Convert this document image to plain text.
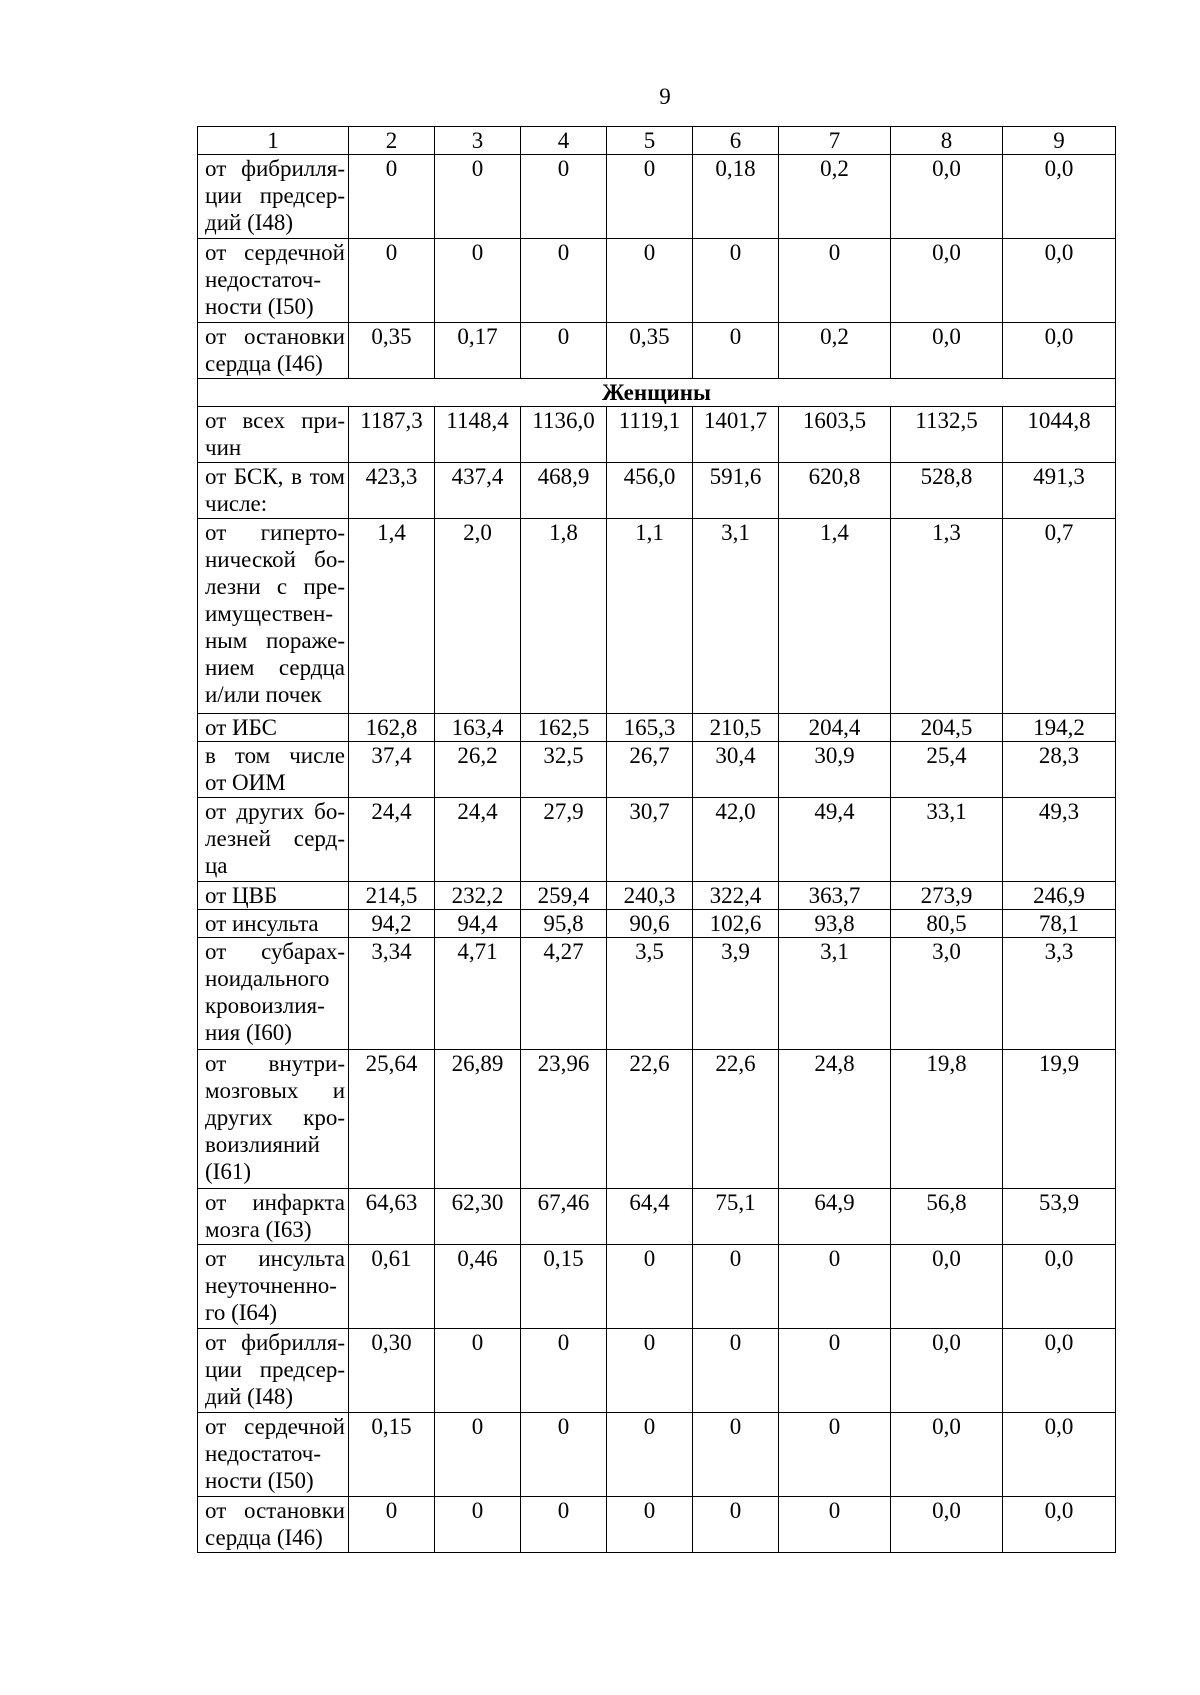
9
1	2	3	4	5	6	7	8	9
от фибрилля-ции предсер-дий (I48)	0	0	0	0	0,18	0,2	0,0	0,0
от сердечной недостаточ-ности (I50)	0	0	0	0	0	0	0,0	0,0
от остановки сердца (I46)	0,35	0,17	0	0,35	0	0,2	0,0	0,0
Женщины								
от всех при-чин	1187,3	1148,4	1136,0	1119,1	1401,7	1603,5	1132,5	1044,8
от БСК, в том числе:	423,3	437,4	468,9	456,0	591,6	620,8	528,8	491,3
от гиперто-нической бо-лезни с пре-имуществен-ным пораже-нием сердца и/или почек	1,4	2,0	1,8	1,1	3,1	1,4	1,3	0,7
от ИБС	162,8	163,4	162,5	165,3	210,5	204,4	204,5	194,2
в том числе от ОИМ	37,4	26,2	32,5	26,7	30,4	30,9	25,4	28,3
от других бо-лезней серд-ца	24,4	24,4	27,9	30,7	42,0	49,4	33,1	49,3
от ЦВБ	214,5	232,2	259,4	240,3	322,4	363,7	273,9	246,9
от инсульта	94,2	94,4	95,8	90,6	102,6	93,8	80,5	78,1
от субарах-ноидального кровоизлия-ния (I60)	3,34	4,71	4,27	3,5	3,9	3,1	3,0	3,3
от внутри-мозговых и других кро-воизлияний (I61)	25,64	26,89	23,96	22,6	22,6	24,8	19,8	19,9
от инфаркта мозга (I63)	64,63	62,30	67,46	64,4	75,1	64,9	56,8	53,9
от инсульта неуточненно-го (I64)	0,61	0,46	0,15	0	0	0	0,0	0,0
от фибрилля-ции предсер-дий (I48)	0,30	0	0	0	0	0	0,0	0,0
от сердечной недостаточ-ности (I50)	0,15	0	0	0	0	0	0,0	0,0
от остановки сердца (I46)	0	0	0	0	0	0	0,0	0,0
